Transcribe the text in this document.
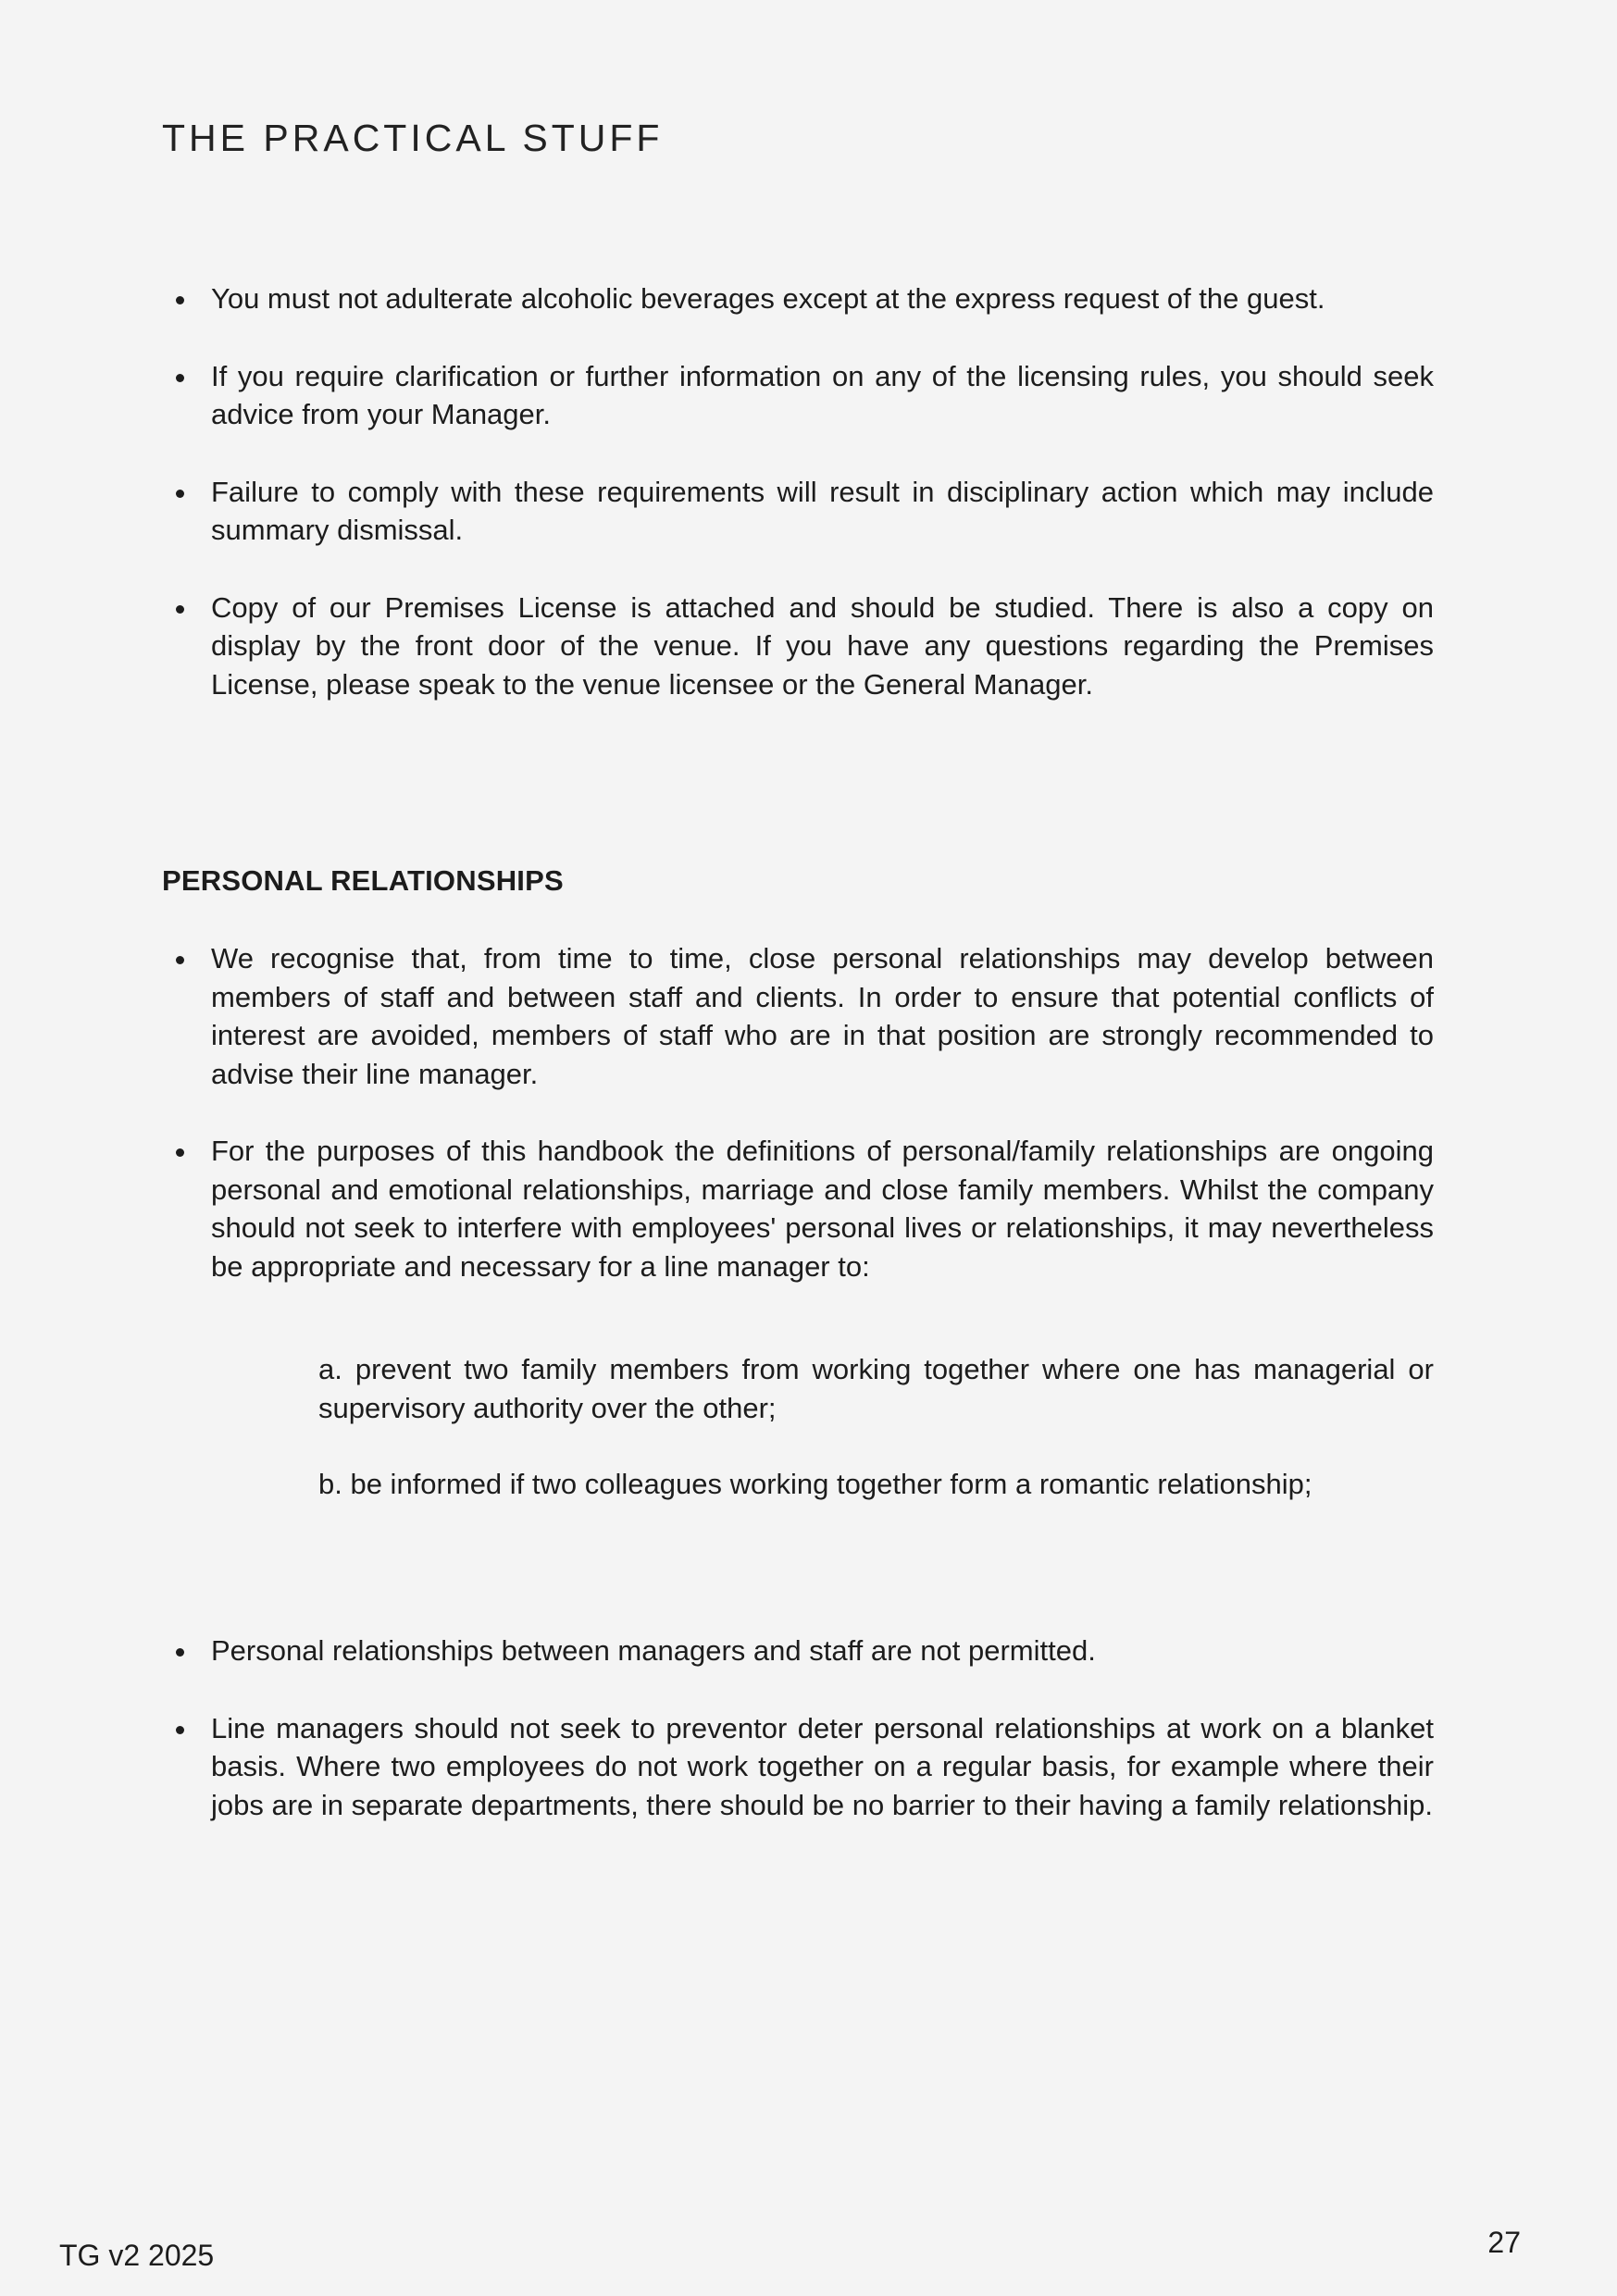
THE PRACTICAL STUFF
You must not adulterate alcoholic beverages except at the express request of the guest.
If you require clarification or further information on any of the licensing rules, you should seek advice from your Manager.
Failure to comply with these requirements will result in disciplinary action which may include summary dismissal.
Copy of our Premises License is attached and should be studied. There is also a copy on display by the front door of the venue. If you have any questions regarding the Premises License, please speak to the venue licensee or the General Manager.
PERSONAL RELATIONSHIPS
We recognise that, from time to time, close personal relationships may develop between members of staff and between staff and clients. In order to ensure that potential conflicts of interest are avoided, members of staff who are in that position are strongly recommended to advise their line manager.
For the purposes of this handbook the definitions of personal/family relationships are ongoing personal and emotional relationships, marriage and close family members. Whilst the company should not seek to interfere with employees' personal lives or relationships, it may nevertheless be appropriate and necessary for a line manager to:
a. prevent two family members from working together where one has managerial or supervisory authority over the other;
b. be informed if two colleagues working together form a romantic relationship;
Personal relationships between managers and staff are not permitted.
Line managers should not seek to preventor deter personal relationships at work on a blanket basis. Where two employees do not work together on a regular basis, for example where their jobs are in separate departments, there should be no barrier to their having a family relationship.
TG v2 2025	27
